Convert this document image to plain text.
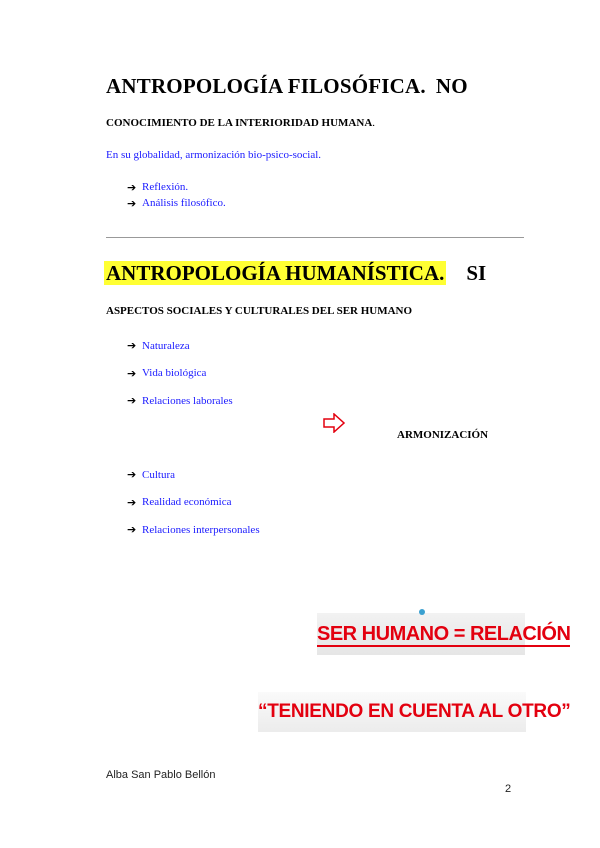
ANTROPOLOGÍA FILOSÓFICA. NO
CONOCIMIENTO DE LA INTERIORIDAD HUMANA.
En su globalidad, armonización bio-psico-social.
➔ Reflexión.
➔ Análisis filosófico.
ANTROPOLOGÍA HUMANÍSTICA. SI
ASPECTOS SOCIALES Y CULTURALES DEL SER HUMANO
➔ Naturaleza
➔ Vida biológica
➔ Relaciones laborales
ARMONIZACIÓN
➔ Cultura
➔ Realidad económica
➔ Relaciones interpersonales
SER HUMANO = RELACIÓN
“TENIENDO EN CUENTA AL OTRO”
Alba San Pablo Bellón
2
